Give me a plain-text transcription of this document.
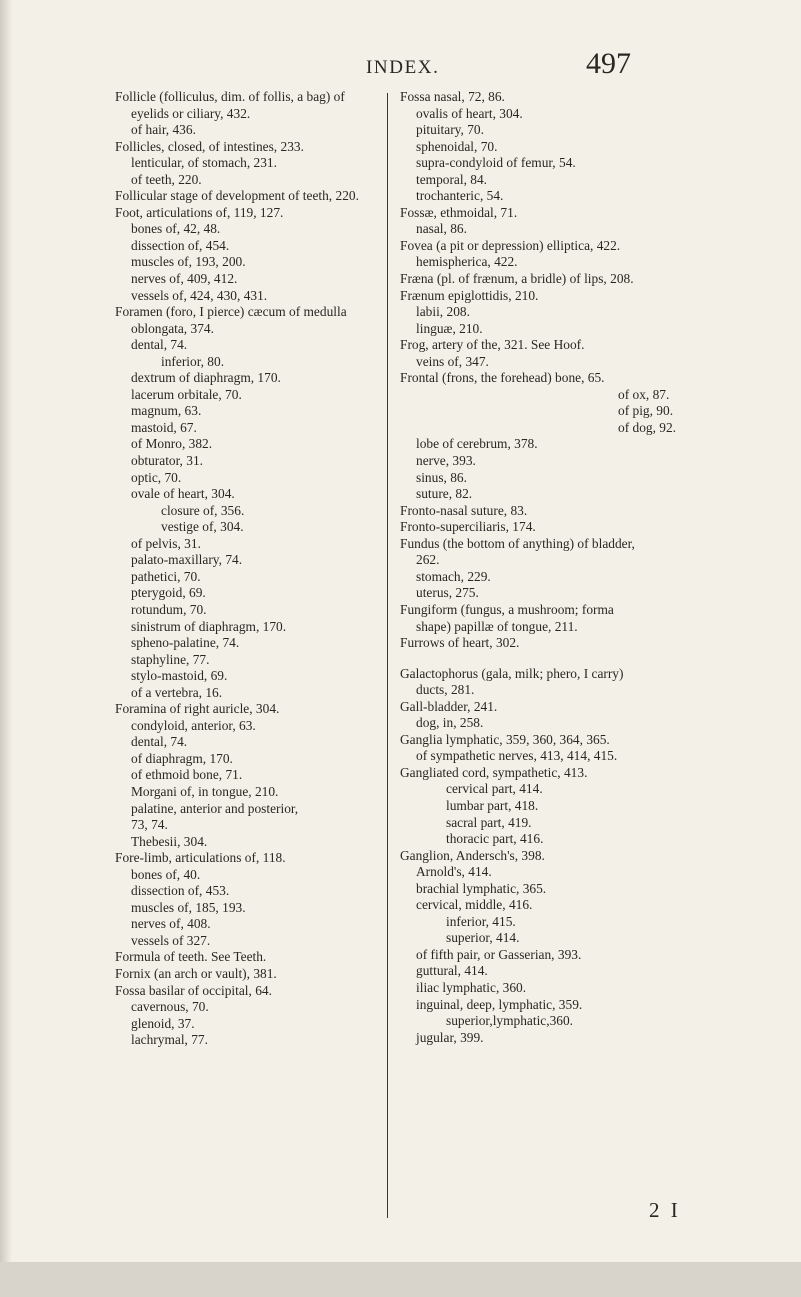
INDEX.	497
Follicle (folliculus, dim. of follis, a bag) of
eyelids or ciliary, 432.
of hair, 436.
Follicles, closed, of intestines, 233.
lenticular, of stomach, 231.
of teeth, 220.
Follicular stage of development of teeth, 220.
Foot, articulations of, 119, 127.
bones of, 42, 48.
dissection of, 454.
muscles of, 193, 200.
nerves of, 409, 412.
vessels of, 424, 430, 431.
Foramen (foro, I pierce) cæcum of medulla
oblongata, 374.
dental, 74.
inferior, 80.
dextrum of diaphragm, 170.
lacerum orbitale, 70.
magnum, 63.
mastoid, 67.
of Monro, 382.
obturator, 31.
optic, 70.
ovale of heart, 304.
closure of, 356.
vestige of, 304.
of pelvis, 31.
palato-maxillary, 74.
pathetici, 70.
pterygoid, 69.
rotundum, 70.
sinistrum of diaphragm, 170.
spheno-palatine, 74.
staphyline, 77.
stylo-mastoid, 69.
of a vertebra, 16.
Foramina of right auricle, 304.
condyloid, anterior, 63.
dental, 74.
of diaphragm, 170.
of ethmoid bone, 71.
Morgani of, in tongue, 210.
palatine, anterior and posterior,
73, 74.
Thebesii, 304.
Fore-limb, articulations of, 118.
bones of, 40.
dissection of, 453.
muscles of, 185, 193.
nerves of, 408.
vessels of 327.
Formula of teeth. See Teeth.
Fornix (an arch or vault), 381.
Fossa basilar of occipital, 64.
cavernous, 70.
glenoid, 37.
lachrymal, 77.
Fossa nasal, 72, 86.
ovalis of heart, 304.
pituitary, 70.
sphenoidal, 70.
supra-condyloid of femur, 54.
temporal, 84.
trochanteric, 54.
Fossæ, ethmoidal, 71.
nasal, 86.
Fovea (a pit or depression) elliptica, 422.
hemispherica, 422.
Fræna (pl. of frænum, a bridle) of lips, 208.
Frænum epiglottidis, 210.
labii, 208.
linguæ, 210.
Frog, artery of the, 321. See Hoof.
veins of, 347.
Frontal (frons, the forehead) bone, 65.
of ox, 87.
of pig, 90.
of dog, 92.
lobe of cerebrum, 378.
nerve, 393.
sinus, 86.
suture, 82.
Fronto-nasal suture, 83.
Fronto-superciliaris, 174.
Fundus (the bottom of anything) of bladder,
262.
stomach, 229.
uterus, 275.
Fungiform (fungus, a mushroom; forma
shape) papillæ of tongue, 211.
Furrows of heart, 302.
Galactophorus (gala, milk; phero, I carry)
ducts, 281.
Gall-bladder, 241.
dog, in, 258.
Ganglia lymphatic, 359, 360, 364, 365.
of sympathetic nerves, 413, 414, 415.
Gangliated cord, sympathetic, 413.
cervical part, 414.
lumbar part, 418.
sacral part, 419.
thoracic part, 416.
Ganglion, Andersch's, 398.
Arnold's, 414.
brachial lymphatic, 365.
cervical, middle, 416.
inferior, 415.
superior, 414.
of fifth pair, or Gasserian, 393.
guttural, 414.
iliac lymphatic, 360.
inguinal, deep, lymphatic, 359.
superior,lymphatic,360.
jugular, 399.
2 I
